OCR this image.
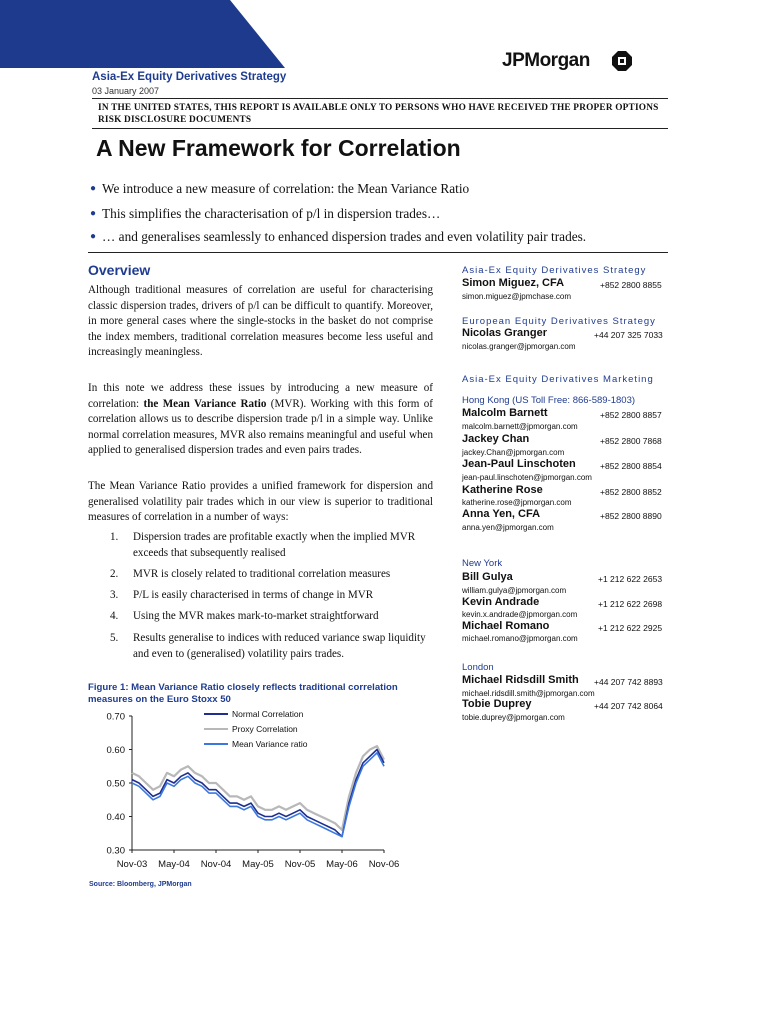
JPMorgan
Asia-Ex Equity Derivatives Strategy
03 January 2007
IN THE UNITED STATES, THIS REPORT IS AVAILABLE ONLY TO PERSONS WHO HAVE RECEIVED THE PROPER OPTIONS RISK DISCLOSURE DOCUMENTS
A New Framework for Correlation
● We introduce a new measure of correlation: the Mean Variance Ratio
● This simplifies the characterisation of p/l in dispersion trades…
● … and generalises seamlessly to enhanced dispersion trades and even volatility pair trades.
Overview
Although traditional measures of correlation are useful for characterising classic dispersion trades, drivers of p/l can be difficult to quantify. Moreover, in more general cases where the single-stocks in the basket do not comprise the index members, traditional correlation measures become less useful and increasingly meaningless.
In this note we address these issues by introducing a new measure of correlation: the Mean Variance Ratio (MVR). Working with this form of correlation allows us to describe dispersion trade p/l in a simple way. Unlike normal correlation measures, MVR also remains meaningful and useful when applied to generalised dispersion trades and even pairs trades.
The Mean Variance Ratio provides a unified framework for dispersion and generalised volatility pair trades which in our view is superior to traditional measures of correlation in a number of ways:
1. Dispersion trades are profitable exactly when the implied MVR exceeds that subsequently realised
2. MVR is closely related to traditional correlation measures
3. P/L is easily characterised in terms of change in MVR
4. Using the MVR makes mark-to-market straightforward
5. Results generalise to indices with reduced variance swap liquidity and even to (generalised) volatility pairs trades.
Figure 1: Mean Variance Ratio closely reflects traditional correlation measures on the Euro Stoxx 50
0.30
0.40
0.50
0.60
0.70
Nov-03 May-04 Nov-04 May-05 Nov-05 May-06 Nov-06
Normal Correlation
Proxy Correlation
Mean Variance ratio
Source: Bloomberg, JPMorgan
Asia-Ex Equity Derivatives Strategy
Simon Miguez, CFA	+852 2800 8855
simon.miguez@jpmchase.com
European Equity Derivatives Strategy
Nicolas Granger	+44 207 325 7033
nicolas.granger@jpmorgan.com
Asia-Ex Equity Derivatives Marketing
Hong Kong (US Toll Free: 866-589-1803)
Malcolm Barnett	+852 2800 8857
malcolm.barnett@jpmorgan.com
Jackey Chan	+852 2800 7868
jackey.Chan@jpmorgan.com
Jean-Paul Linschoten	+852 2800 8854
jean-paul.linschoten@jpmorgan.com
Katherine Rose	+852 2800 8852
katherine.rose@jpmorgan.com
Anna Yen, CFA	+852 2800 8890
anna.yen@jpmorgan.com
New York
Bill Gulya	+1 212 622 2653
william.gulya@jpmorgan.com
Kevin Andrade	+1 212 622 2698
kevin.x.andrade@jpmorgan.com
Michael Romano	+1 212 622 2925
michael.romano@jpmorgan.com
London
Michael Ridsdill Smith +44 207 742 8893
michael.ridsdill.smith@jpmorgan.com
Tobie Duprey	+44 207 742 8064
tobie.duprey@jpmorgan.com
